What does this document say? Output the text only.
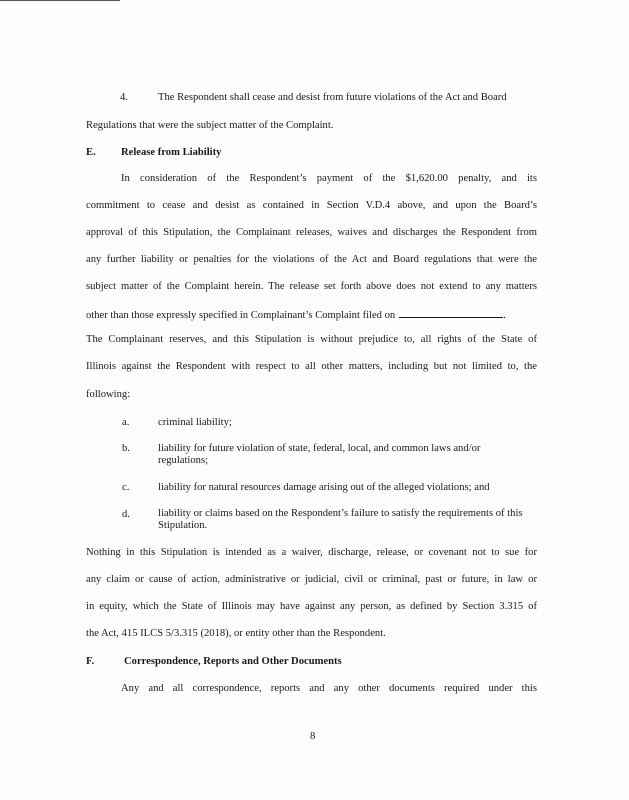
4.	The Respondent shall cease and desist from future violations of the Act and Board
Regulations that were the subject matter of the Complaint.
E. Release from Liability
In consideration of the Respondent’s payment of the $1,620.00 penalty, and its
commitment to cease and desist as contained in Section V.D.4 above, and upon the Board’s
approval of this Stipulation, the Complainant releases, waives and discharges the Respondent from
any further liability or penalties for the violations of the Act and Board regulations that were the
subject matter of the Complaint herein. The release set forth above does not extend to any matters
other than those expressly specified in Complainant’s Complaint filed on	.
The Complainant reserves, and this Stipulation is without prejudice to, all rights of the State of
Illinois against the Respondent with respect to all other matters, including but not limited to, the
following:
a.	criminal liability;
b.	liability for future violation of state, federal, local, and common laws and/or regulations;
c.	liability for natural resources damage arising out of the alleged violations; and
d.	liability or claims based on the Respondent’s failure to satisfy the requirements of this Stipulation.
Nothing in this Stipulation is intended as a waiver, discharge, release, or covenant not to sue for
any claim or cause of action, administrative or judicial, civil or criminal, past or future, in law or
in equity, which the State of Illinois may have against any person, as defined by Section 3.315 of
the Act, 415 ILCS 5/3.315 (2018), or entity other than the Respondent.
F.	Correspondence, Reports and Other Documents
Any and all correspondence, reports and any other documents required under this
8
